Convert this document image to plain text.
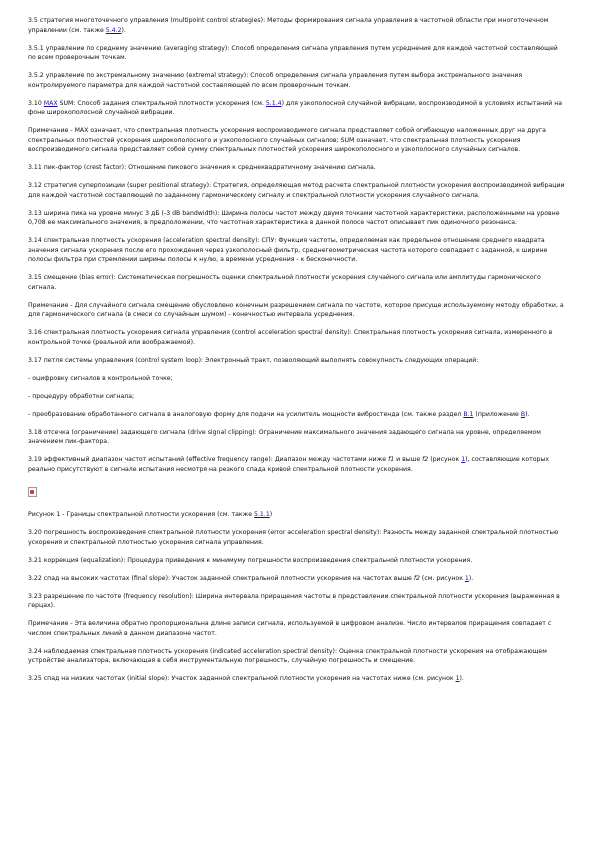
3.5 стратегия многоточечного управления (multipoint control strategies): Методы формирования сигнала управления в частотной области при многоточечном управлении (см. также 5.4.2).

3.5.1 управление по среднему значению (averaging strategy): Способ определения сигнала управления путем усреднения для каждой частотной составляющей по всем проверочным точкам.

3.5.2 управление по экстремальному значению (extremal strategy): Способ определения сигнала управления путем выбора экстремального значения контролируемого параметра для каждой частотной составляющей по всем проверочным точкам.

3.10 MAX SUM: Способ задания спектральной плотности ускорения (см. 5.1.4) для узкополосной случайной вибрации, воспроизводимой в условиях испытаний на фоне широкополосной случайной вибрации.

Примечание - MAX означает, что спектральная плотность ускорения воспроизводимого сигнала представляет собой огибающую наложенных друг на друга спектральных плотностей ускорения широкополосного и узкополосного случайных сигналов; SUM означает, что спектральная плотность ускорения воспроизводимого сигнала представляет собой сумму спектральных плотностей ускорения широкополосного и узкополосного случайных сигналов.

3.11 пик-фактор (crest factor): Отношение пикового значения к среднеквадратичному значению сигнала.

3.12 стратегия суперпозиции (super positional strategy): Стратегия, определяющая метод расчета спектральной плотности ускорения воспроизводимой вибрации для каждой частотной составляющей по заданному гармоническому сигналу и спектральной плотности ускорения случайного сигнала.

3.13 ширина пика на уровне минус 3 дБ (-3 dB bandwidth): Ширина полосы частот между двумя точками частотной характеристики, расположенными на уровне 0,708 ее максимального значения, в предположении, что частотная характеристика в данной полосе частот описывает пик одиночного резонанса.

3.14 спектральная плотность ускорения (acceleration spectral density): СПУ: Функция частоты, определяемая как предельное отношение среднего квадрата значения сигнала ускорения после его прохождения через узкополосный фильтр, среднегеометрическая частота которого совпадает с заданной, к ширине полосы фильтра при стремлении ширины полосы к нулю, а времени усреднения - к бесконечности.

3.15 смещение (bias error): Систематическая погрешность оценки спектральной плотности ускорения случайного сигнала или амплитуды гармонического сигнала.

Примечание - Для случайного сигнала смещение обусловлено конечным разрешением сигнала по частоте, которое присуще используемому методу обработки, а для гармонического сигнала (в смеси со случайным шумом) - конечностью интервала усреднения.

3.16 спектральная плотность ускорения сигнала управления (control acceleration spectral density): Спектральная плотность ускорения сигнала, измеренного в контрольной точке (реальной или воображаемой).

3.17 петля системы управления (control system loop): Электронный тракт, позволяющий выполнять совокупность следующих операций:

- оцифровку сигналов в контрольной точке;

- процедуру обработки сигнала;

- преобразование обработанного сигнала в аналоговую форму для подачи на усилитель мощности вибростенда (см. также раздел В.1 (приложение В).

3.18 отсечка (ограничение) задающего сигнала (drive signal clipping): Ограничение максимального значения задающего сигнала на уровне, определяемом значением пик-фактора.

3.19 эффективный диапазон частот испытаний (effective frequency range): Диапазон между частотами ниже f1 и выше f2 (рисунок 1), составляющие которых реально присутствуют в сигнале испытания несмотря на резкого спада кривой спектральной плотности ускорения.

Рисунок 1 - Границы спектральной плотности ускорения (см. также 5.1.1)

3.20 погрешность воспроизведения спектральной плотности ускорения (error acceleration spectral density): Разность между заданной спектральной плотностью ускорения и спектральной плотностью ускорения сигнала управления.

3.21 коррекция (equalization): Процедура приведения к минимуму погрешности воспроизведения спектральной плотности ускорения.

3.22 спад на высоких частотах (final slope): Участок заданной спектральной плотности ускорения на частотах выше f2 (см. рисунок 1).

3.23 разрешение по частоте (frequency resolution): Ширина интервала приращения частоты в представлении спектральной плотности ускорения (выраженная в герцах).

Примечание - Эта величина обратно пропорциональна длине записи сигнала, используемой в цифровом анализе. Число интервалов приращения совпадает с числом спектральных линий в данном диапазоне частот.

3.24 наблюдаемая спектральная плотность ускорения (indicated acceleration spectral density): Оценка спектральной плотности ускорения на отображающем устройстве анализатора, включающая в себя инструментальную погрешность, случайную погрешность и смещение.

3.25 спад на низких частотах (initial slope): Участок заданной спектральной плотности ускорения на частотах ниже (см. рисунок 1).
